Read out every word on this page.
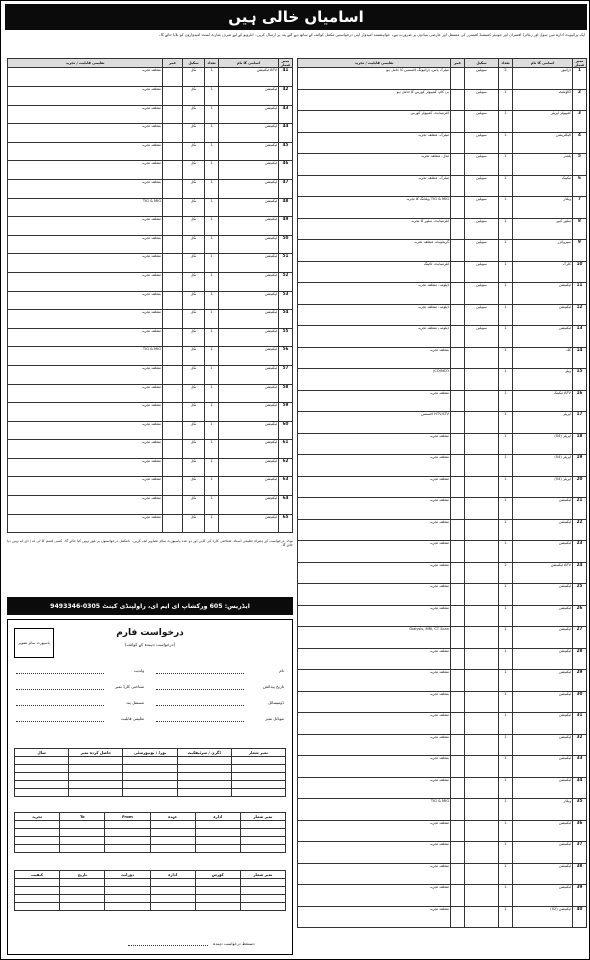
اسامیاں خالی ہیں
ایک پرائیویٹ ادارے میں سول اور ریٹائرڈ افسران اور جونیئر کمیشنڈ آفیسرز کی مستقل اور عارضی بنیادوں پر ضرورت ہے۔ خواہشمند امیدوار اپنی درخواستیں مکمل کوائف کے ساتھ دیے گئے پتہ پر ارسال کریں۔ انٹرویو کے لیے صرف شارٹ لسٹ امیدواروں کو بلایا جائے گا۔
نمبر شمار	اسامی کا نام	تعداد	سکیل	عمر	تعلیمی قابلیت / تجربہ
1	ڈرائیور	2	سویلین		میٹرک پاس، ڈرائیونگ لائسنس کا حامل ہو
2	اکاؤنٹنٹ	1	سویلین		بی کام، کمپیوٹر کورس کا حامل ہو
3	کمپیوٹر آپریٹر	1	سویلین		انٹرمیڈیٹ، کمپیوٹر کورس
4	الیکٹریشن	1	سویلین		میٹرک، متعلقہ تجربہ
5	پلمبر	1	سویلین		مڈل، متعلقہ تجربہ
6	مکینک	1	سویلین		میٹرک، متعلقہ تجربہ
7	ویلڈر	1	سویلین		TIG & MIG ویلڈنگ کا تجربہ
8	سٹور کیپر	1	سویلین		انٹرمیڈیٹ، سٹور کا تجربہ
9	سپروائزر	1	سویلین		گریجویٹ، متعلقہ تجربہ
10	کلرک	1	سویلین		انٹرمیڈیٹ، ٹائپنگ
11	ٹیکنیشن	1	سویلین		ڈپلومہ، متعلقہ تجربہ
12	ٹیکنیشن	1	سویلین		ڈپلومہ، متعلقہ تجربہ
13	ٹیکنیشن	1	سویلین		ڈپلومہ، متعلقہ تجربہ
14	کک	1			متعلقہ تجربہ
15	ویٹر	1			JCO/NCO
16	AFV مکینک	1			متعلقہ تجربہ
17	آپریٹر	1			HTV/LTV لائسنس
18	آپریٹر (04)	1			متعلقہ تجربہ
19	آپریٹر (04)	1			متعلقہ تجربہ
20	آپریٹر (04)	1			متعلقہ تجربہ
21	ٹیکنیشن	1			متعلقہ تجربہ
22	ٹیکنیشن	1			متعلقہ تجربہ
23	ٹیکنیشن	1			متعلقہ تجربہ
24	AFV ٹیکنیشن	2			متعلقہ تجربہ
25	ٹیکنیشن	1			متعلقہ تجربہ
26	ٹیکنیشن	1			متعلقہ تجربہ
27	ٹیکنیشن	1			Dialysis, MRI, CT Scan
28	ٹیکنیشن	1			متعلقہ تجربہ
29	ٹیکنیشن	1			متعلقہ تجربہ
30	ٹیکنیشن	1			متعلقہ تجربہ
31	ٹیکنیشن	1			متعلقہ تجربہ
32	ٹیکنیشن	1			متعلقہ تجربہ
33	ٹیکنیشن	1			متعلقہ تجربہ
34	ٹیکنیشن	1			متعلقہ تجربہ
35	ویلڈر	1			TIG & MIG
36	ٹیکنیشن	1			متعلقہ تجربہ
37	ٹیکنیشن	1			متعلقہ تجربہ
38	ٹیکنیشن	1			متعلقہ تجربہ
39	ٹیکنیشن	1			متعلقہ تجربہ
40	ٹیکنیشن (02)	1			متعلقہ تجربہ
نمبر شمار	اسامی کا نام	تعداد	سکیل	عمر	تعلیمی قابلیت / تجربہ
41	AFV ٹیکنیشن	1	نکل		متعلقہ تجربہ
42	ٹیکنیشن	1	نکل		متعلقہ تجربہ
43	ٹیکنیشن	1	نکل		متعلقہ تجربہ
44	ٹیکنیشن	1	نکل		متعلقہ تجربہ
45	ٹیکنیشن	1	نکل		متعلقہ تجربہ
46	ٹیکنیشن	1	نکل		متعلقہ تجربہ
47	ٹیکنیشن	1	نکل		متعلقہ تجربہ
48	ٹیکنیشن	1	نکل		TIG & MIG
49	ٹیکنیشن	1	نکل		متعلقہ تجربہ
50	ٹیکنیشن	1	نکل		متعلقہ تجربہ
51	ٹیکنیشن	1	نکل		متعلقہ تجربہ
52	ٹیکنیشن	1	نکل		متعلقہ تجربہ
53	ٹیکنیشن	1	نکل		متعلقہ تجربہ
54	ٹیکنیشن	1	نکل		متعلقہ تجربہ
55	ٹیکنیشن	1	نکل		متعلقہ تجربہ
56	ٹیکنیشن	1	نکل		TIG & MIG
57	ٹیکنیشن	1	نکل		متعلقہ تجربہ
58	ٹیکنیشن	1	نکل		متعلقہ تجربہ
59	ٹیکنیشن	1	نکل		متعلقہ تجربہ
60	ٹیکنیشن	1	نکل		متعلقہ تجربہ
61	ٹیکنیشن	1	نکل		متعلقہ تجربہ
62	ٹیکنیشن	1	نکل		متعلقہ تجربہ
63	ٹیکنیشن	1	نکل		متعلقہ تجربہ
64	ٹیکنیشن	1	نکل		متعلقہ تجربہ
65	ٹیکنیشن	1	نکل		متعلقہ تجربہ
نوٹ: درخواست کے ہمراہ تعلیمی اسناد، شناختی کارڈ کی کاپی اور دو عدد پاسپورٹ سائز تصاویر لف کریں۔ نامکمل درخواستوں پر غور نہیں کیا جائے گا۔ کسی قسم کا ٹی اے / ڈی اے نہیں دیا جائے گا۔
ایڈریس: 605 ورکشاپ ای ایم ای، راولپنڈی کینٹ 0305-9493346
پاسپورٹ سائز تصویر
درخواست فارم
(درخواست دہندہ کے کوائف)
نام
ولدیت
تاریخ پیدائش
شناختی کارڈ نمبر
ڈومیسائل
مستقل پتہ
موبائل نمبر
تعلیمی قابلیت
نمبر شمار	ڈگری / سرٹیفکیٹ	بورڈ / یونیورسٹی	حاصل کردہ نمبر	سال

نمبر شمار	ادارہ	عہدہ	From	To	تجربہ

نمبر شمار	کورس	ادارہ	دورانیہ	تاریخ	کیفیت

دستخط درخواست دہندہ
